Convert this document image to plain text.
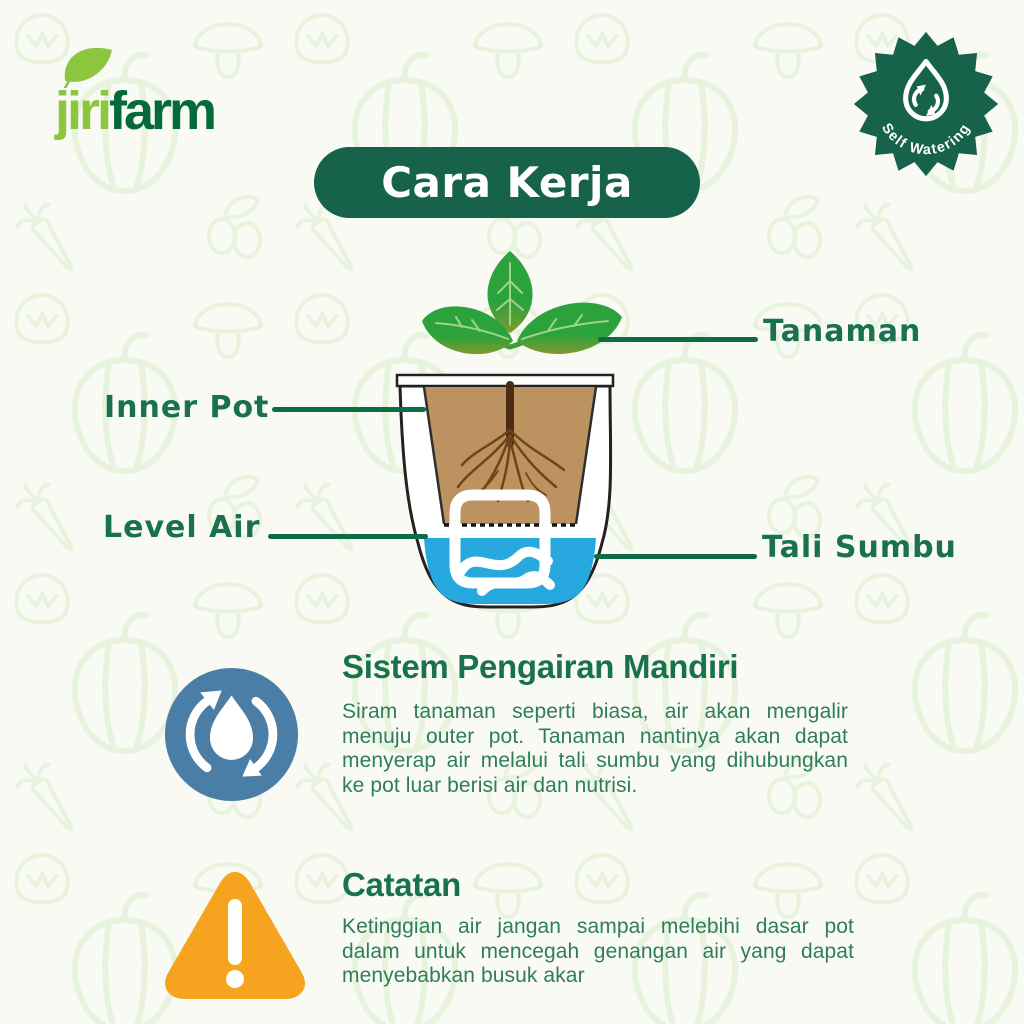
jirifarm	Self Watering
Cara Kerja
Tanaman
Inner Pot
Level Air
Tali Sumbu
Sistem Pengairan Mandiri

Siram tanaman seperti biasa, air akan mengalir menuju outer pot. Tanaman nantinya akan dapat menyerap air melalui tali sumbu yang dihubungkan ke pot luar berisi air dan nutrisi.

Catatan

Ketinggian air jangan sampai melebihi dasar pot dalam untuk mencegah genangan air yang dapat menyebabkan busuk akar
